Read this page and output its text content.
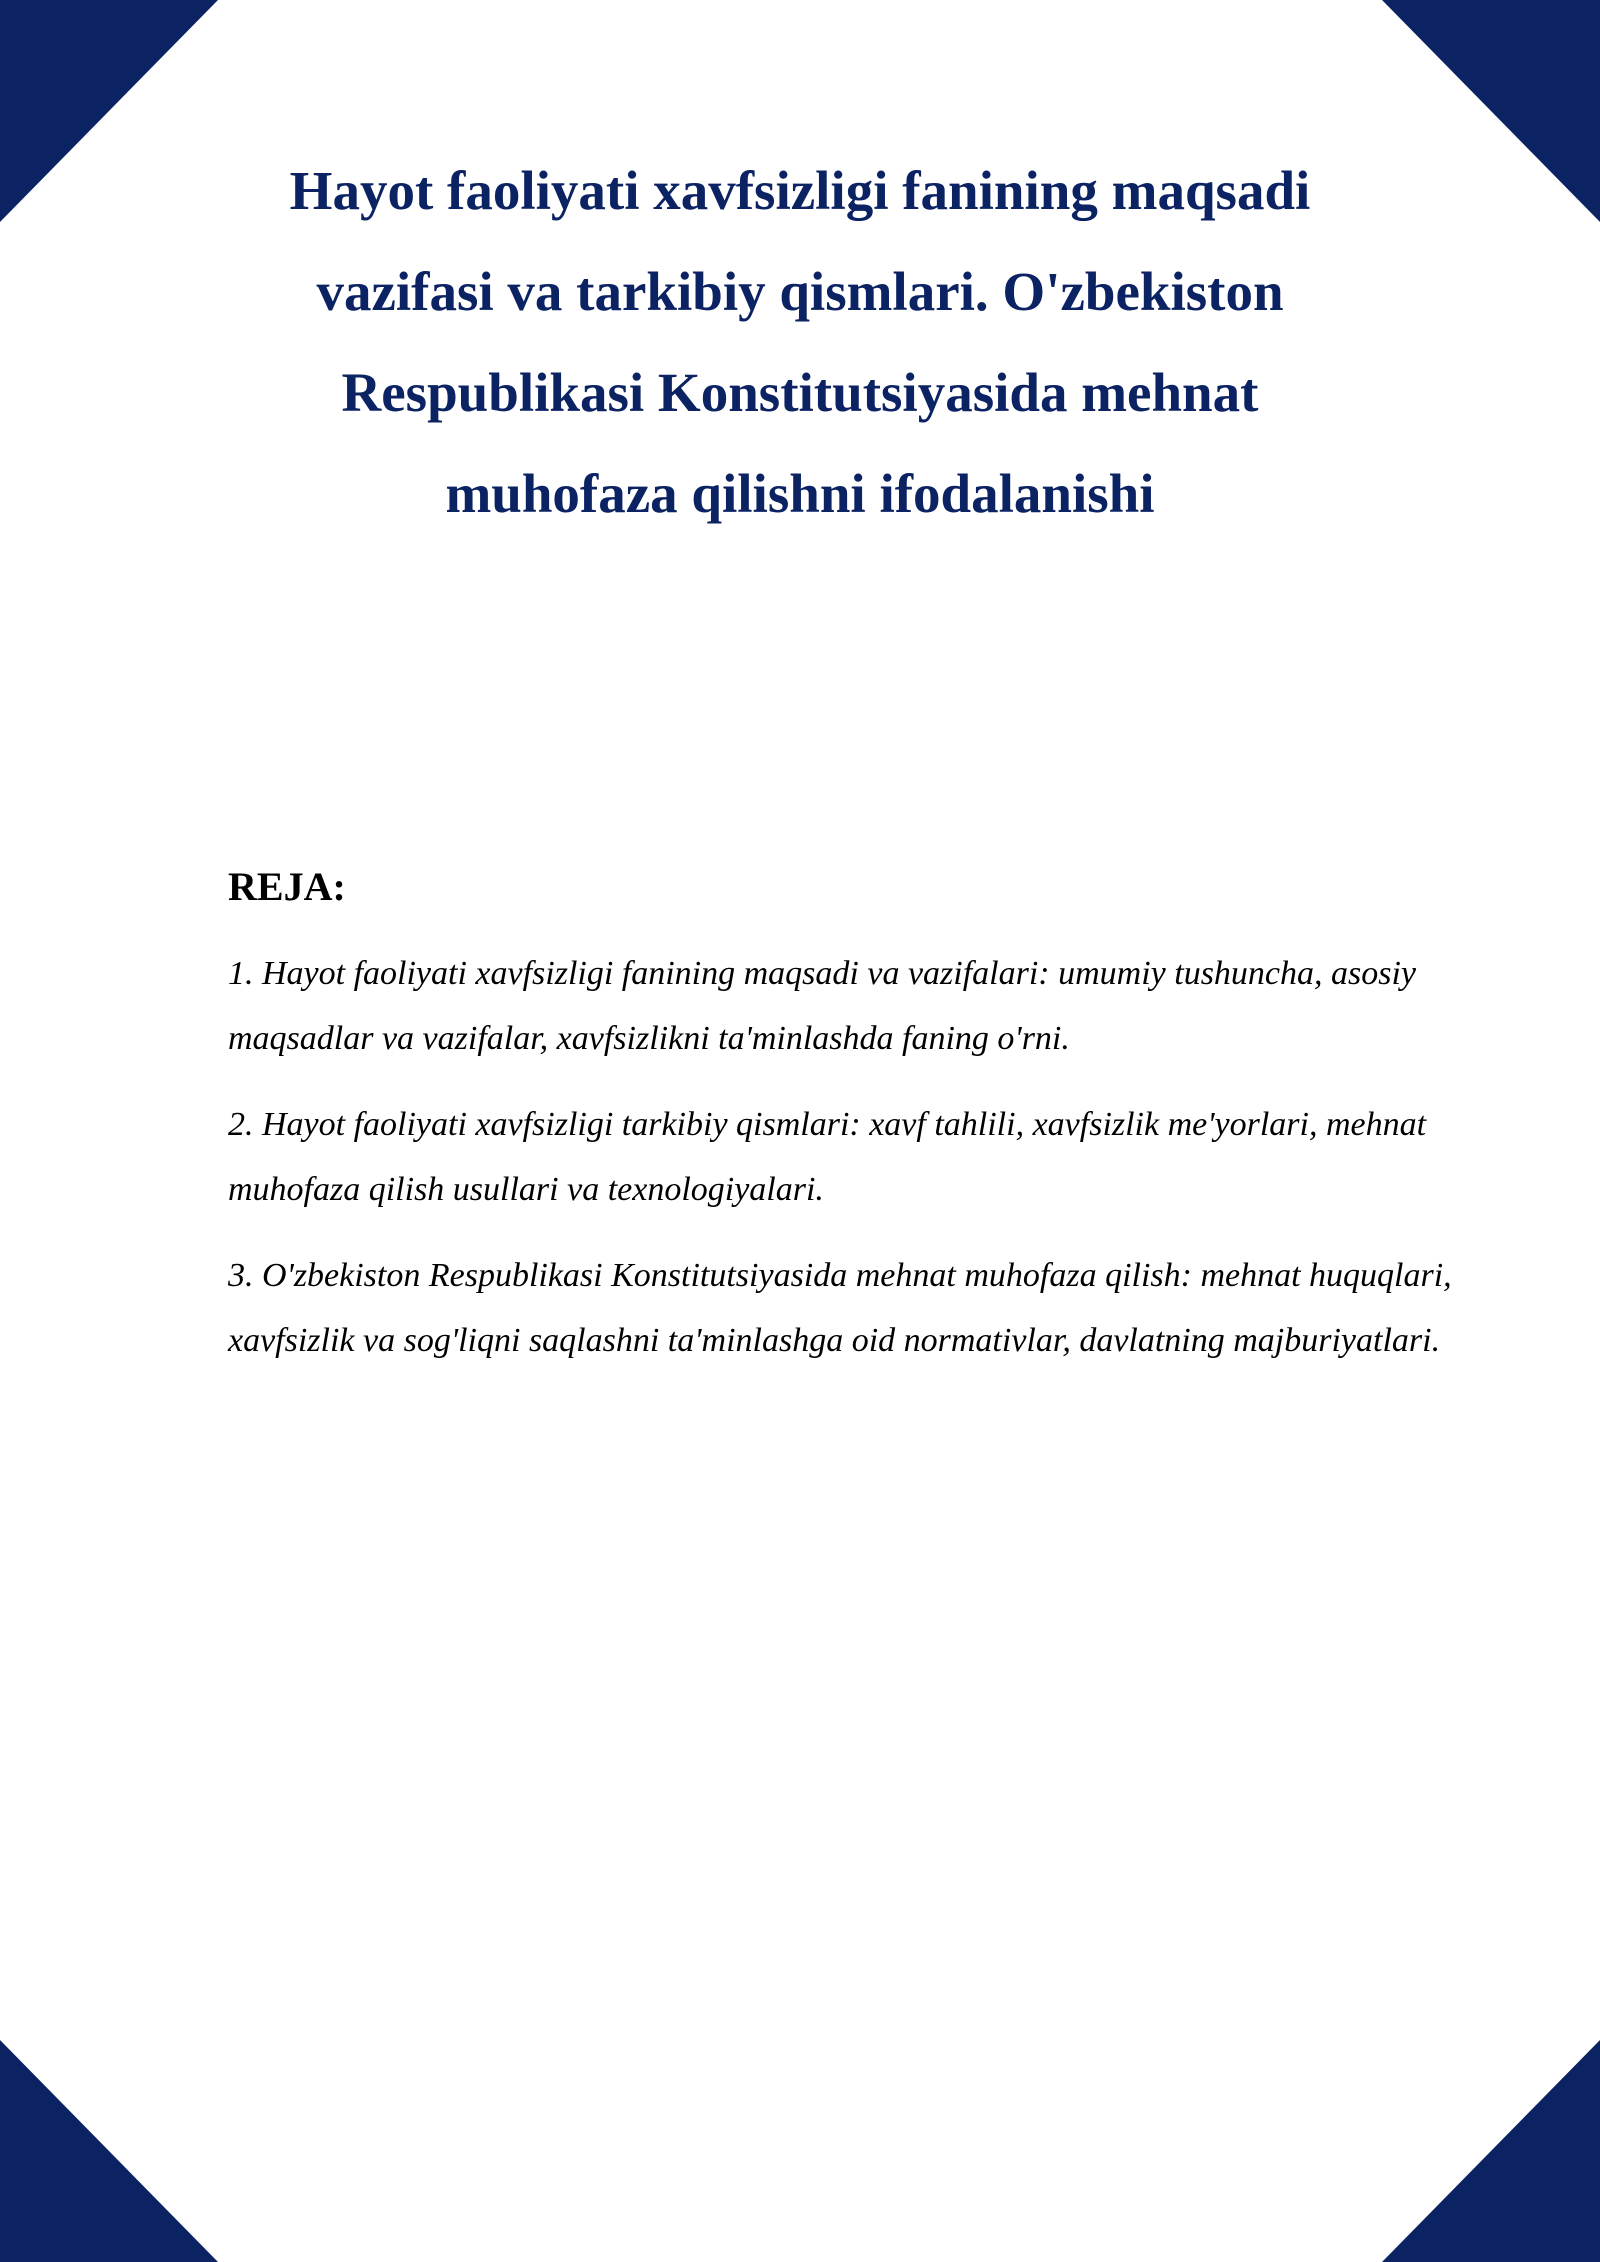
Hayot faoliyati xavfsizligi fanining maqsadi vazifasi va tarkibiy qismlari. O'zbekiston Respublikasi Konstitutsiyasida mehnat muhofaza qilishni ifodalanishi

REJA:

1. Hayot faoliyati xavfsizligi fanining maqsadi va vazifalari: umumiy tushuncha, asosiy maqsadlar va vazifalar, xavfsizlikni ta'minlashda faning o'rni.

2. Hayot faoliyati xavfsizligi tarkibiy qismlari: xavf tahlili, xavfsizlik me'yorlari, mehnat muhofaza qilish usullari va texnologiyalari.

3. O'zbekiston Respublikasi Konstitutsiyasida mehnat muhofaza qilish: mehnat huquqlari, xavfsizlik va sog'liqni saqlashni ta'minlashga oid normativlar, davlatning majburiyatlari.
